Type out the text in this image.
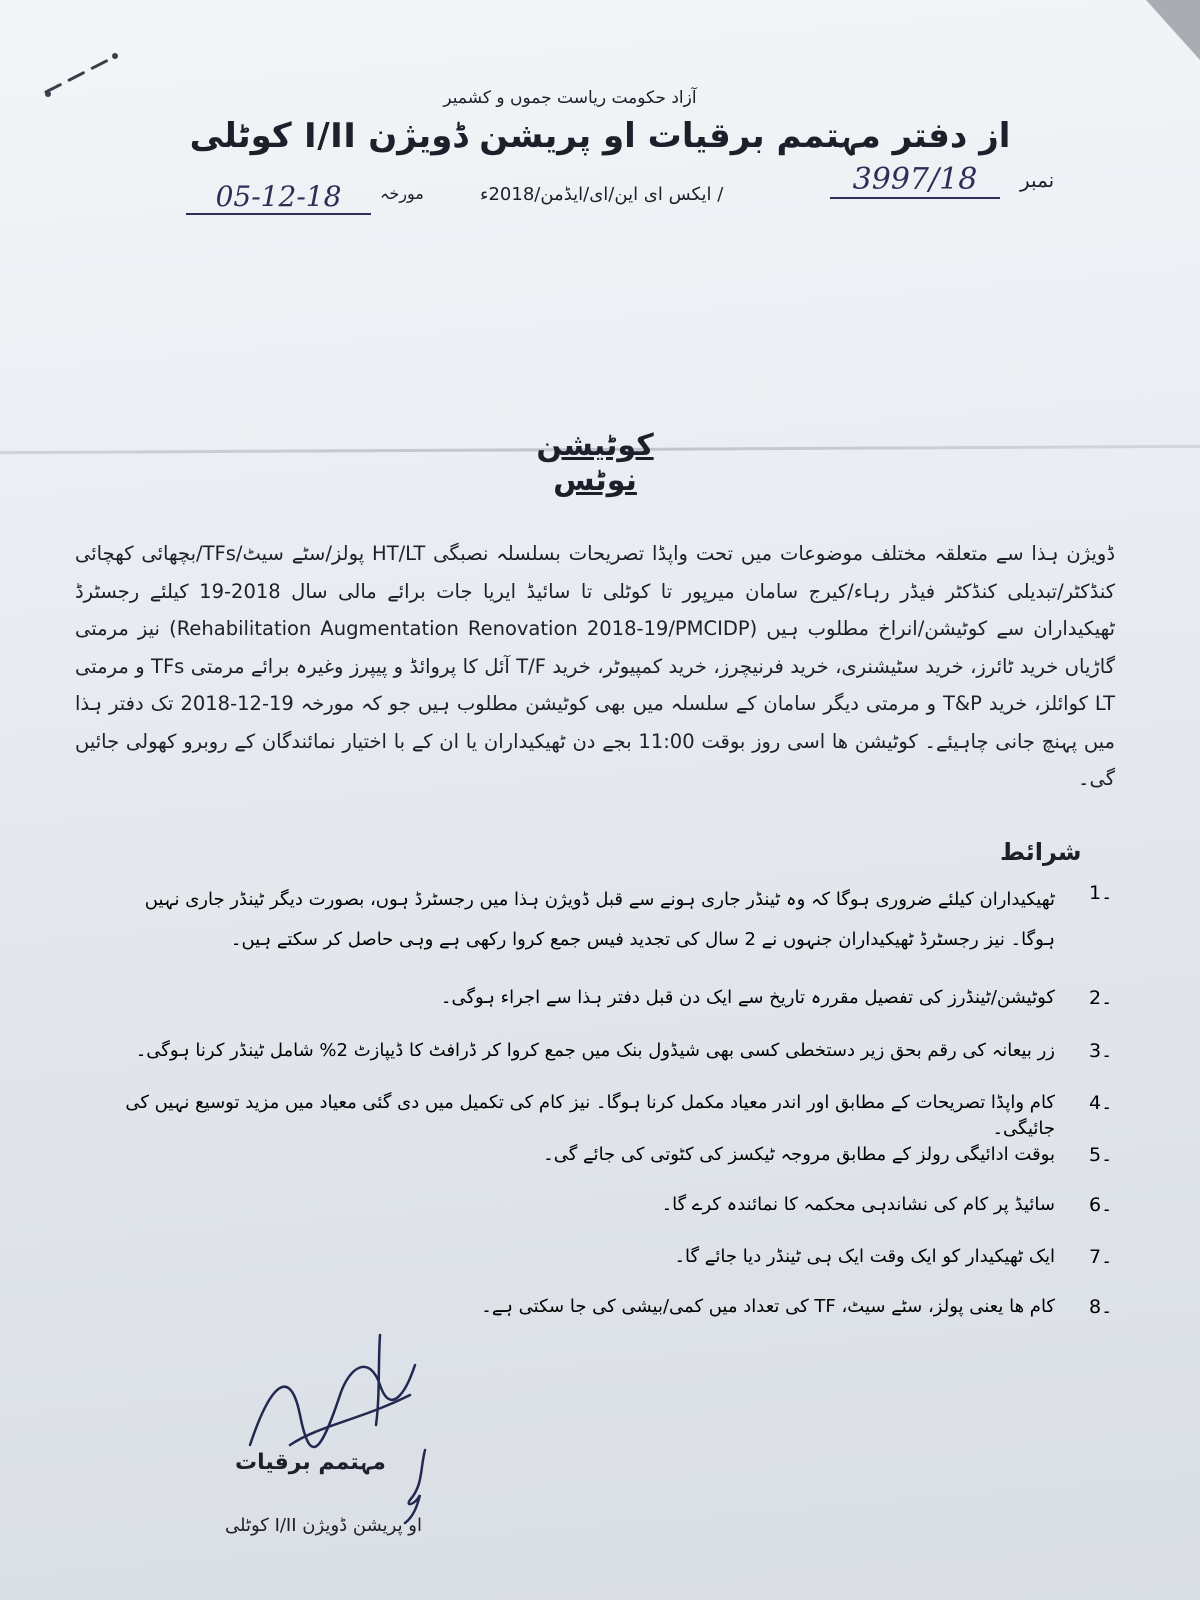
آزاد حکومت ریاست جموں و کشمیر
از دفتر مہتمم برقیات او پریشن ڈویژن I/II کوٹلی
نمبر
3997/18
/ ایکس ای این/ای/ایڈمن/2018ء
مورخہ
05-12-18
کوٹیشن نوٹس
ڈویژن ہذا سے متعلقہ مختلف موضوعات میں تحت واپڈا تصریحات بسلسلہ نصبگی HT/LT پولز/سٹے سیٹ/TFs/بچھائی کھچائی کنڈکٹر/تبدیلی کنڈکٹر فیڈر رہاء/کیرج سامان میرپور تا کوٹلی تا سائیڈ ایریا جات برائے مالی سال 2018-19 کیلئے رجسٹرڈ ٹھیکیداران سے کوٹیشن/انراخ مطلوب ہیں (Rehabilitation Augmentation Renovation 2018-19/PMCIDP) نیز مرمتی گاڑیاں خرید ٹائرز، خرید سٹیشنری، خرید فرنیچرز، خرید کمپیوٹر، خرید T/F آئل کا پروائڈ و پیپرز وغیرہ برائے مرمتی TFs و مرمتی LT کوائلز، خرید T&P و مرمتی دیگر سامان کے سلسلہ میں بھی کوٹیشن مطلوب ہیں جو کہ مورخہ 19-12-2018 تک دفتر ہذا میں پہنچ جانی چاہیئے۔ کوٹیشن ھا اسی روز بوقت 11:00 بجے دن ٹھیکیداران یا ان کے با اختیار نمائندگان کے روبرو کھولی جائیں گی۔
شرائط
1۔
ٹھیکیداران کیلئے ضروری ہوگا کہ وہ ٹینڈر جاری ہونے سے قبل ڈویژن ہذا میں رجسٹرڈ ہوں، بصورت دیگر ٹینڈر جاری نہیں ہوگا۔ نیز رجسٹرڈ ٹھیکیداران جنہوں نے 2 سال کی تجدید فیس جمع کروا رکھی ہے وہی حاصل کر سکتے ہیں۔
2۔
کوٹیشن/ٹینڈرز کی تفصیل مقررہ تاریخ سے ایک دن قبل دفتر ہذا سے اجراء ہوگی۔
3۔
زر بیعانہ کی رقم بحق زیر دستخطی کسی بھی شیڈول بنک میں جمع کروا کر ڈرافٹ کا ڈیپازٹ 2% شامل ٹینڈر کرنا ہوگی۔
4۔
کام واپڈا تصریحات کے مطابق اور اندر معیاد مکمل کرنا ہوگا۔ نیز کام کی تکمیل میں دی گئی معیاد میں مزید توسیع نہیں کی جائیگی۔
5۔
بوقت ادائیگی رولز کے مطابق مروجہ ٹیکسز کی کٹوتی کی جائے گی۔
6۔
سائیڈ پر کام کی نشاندہی محکمہ کا نمائندہ کرے گا۔
7۔
ایک ٹھیکیدار کو ایک وقت ایک ہی ٹینڈر دیا جائے گا۔
8۔
کام ھا یعنی پولز، سٹے سیٹ، TF کی تعداد میں کمی/بیشی کی جا سکتی ہے۔
مہتمم برقیات
او پریشن ڈویژن I/II کوٹلی
